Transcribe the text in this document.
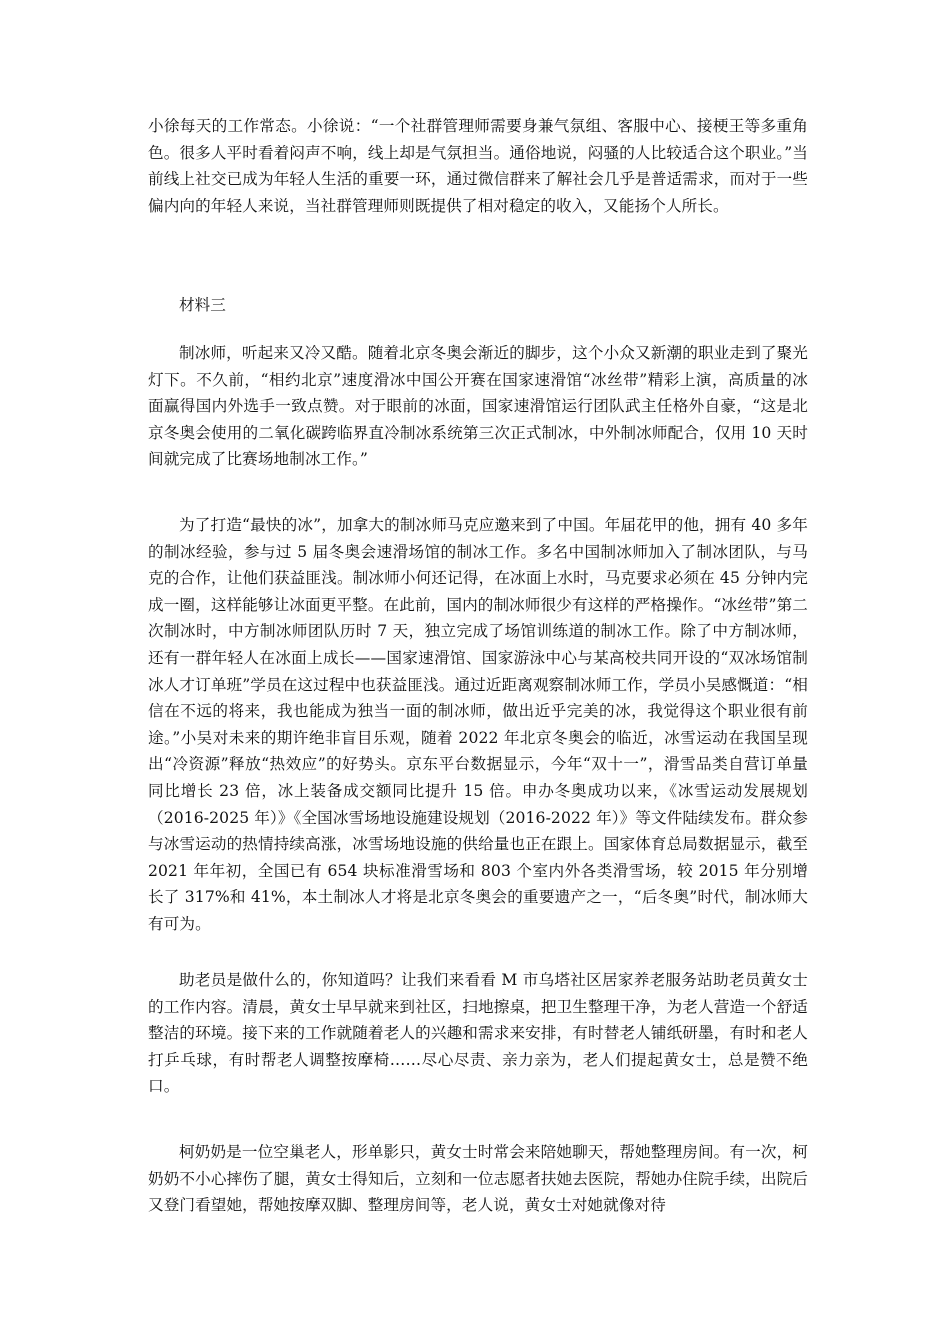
小徐每天的工作常态。小徐说：“一个社群管理师需要身兼气氛组、客服中心、接梗王等多重角色。很多人平时看着闷声不响，线上却是气氛担当。通俗地说，闷骚的人比较适合这个职业。”当前线上社交已成为年轻人生活的重要一环，通过微信群来了解社会几乎是普适需求，而对于一些偏内向的年轻人来说，当社群管理师则既提供了相对稳定的收入，又能扬个人所长。

材料三

制冰师，听起来又冷又酷。随着北京冬奥会渐近的脚步，这个小众又新潮的职业走到了聚光灯下。不久前，“相约北京”速度滑冰中国公开赛在国家速滑馆“冰丝带”精彩上演，高质量的冰面赢得国内外选手一致点赞。对于眼前的冰面，国家速滑馆运行团队武主任格外自豪，“这是北京冬奥会使用的二氧化碳跨临界直冷制冰系统第三次正式制冰，中外制冰师配合，仅用 10 天时间就完成了比赛场地制冰工作。”

为了打造“最快的冰”，加拿大的制冰师马克应邀来到了中国。年届花甲的他，拥有 40 多年的制冰经验，参与过 5 届冬奥会速滑场馆的制冰工作。多名中国制冰师加入了制冰团队，与马克的合作，让他们获益匪浅。制冰师小何还记得，在冰面上水时，马克要求必须在 45 分钟内完成一圈，这样能够让冰面更平整。在此前，国内的制冰师很少有这样的严格操作。“冰丝带”第二次制冰时，中方制冰师团队历时 7 天，独立完成了场馆训练道的制冰工作。除了中方制冰师，还有一群年轻人在冰面上成长——国家速滑馆、国家游泳中心与某高校共同开设的“双冰场馆制冰人才订单班”学员在这过程中也获益匪浅。通过近距离观察制冰师工作，学员小吴感慨道：“相信在不远的将来，我也能成为独当一面的制冰师，做出近乎完美的冰，我觉得这个职业很有前途。”小吴对未来的期许绝非盲目乐观，随着 2022 年北京冬奥会的临近，冰雪运动在我国呈现出“冷资源”释放“热效应”的好势头。京东平台数据显示，今年“双十一”，滑雪品类自营订单量同比增长 23 倍，冰上装备成交额同比提升 15 倍。申办冬奥成功以来，《冰雪运动发展规划（2016-2025 年）》《全国冰雪场地设施建设规划（2016-2022 年）》等文件陆续发布。群众参与冰雪运动的热情持续高涨，冰雪场地设施的供给量也正在跟上。国家体育总局数据显示，截至 2021 年年初，全国已有 654 块标准滑雪场和 803 个室内外各类滑雪场，较 2015 年分别增长了 317%和 41%，本土制冰人才将是北京冬奥会的重要遗产之一，“后冬奥”时代，制冰师大有可为。

助老员是做什么的，你知道吗？让我们来看看 M 市乌塔社区居家养老服务站助老员黄女士的工作内容。清晨，黄女士早早就来到社区，扫地擦桌，把卫生整理干净，为老人营造一个舒适整洁的环境。接下来的工作就随着老人的兴趣和需求来安排，有时替老人铺纸研墨，有时和老人打乒乓球，有时帮老人调整按摩椅……尽心尽责、亲力亲为，老人们提起黄女士，总是赞不绝口。

柯奶奶是一位空巢老人，形单影只，黄女士时常会来陪她聊天，帮她整理房间。有一次，柯奶奶不小心摔伤了腿，黄女士得知后，立刻和一位志愿者扶她去医院，帮她办住院手续，出院后又登门看望她，帮她按摩双脚、整理房间等，老人说，黄女士对她就像对待
